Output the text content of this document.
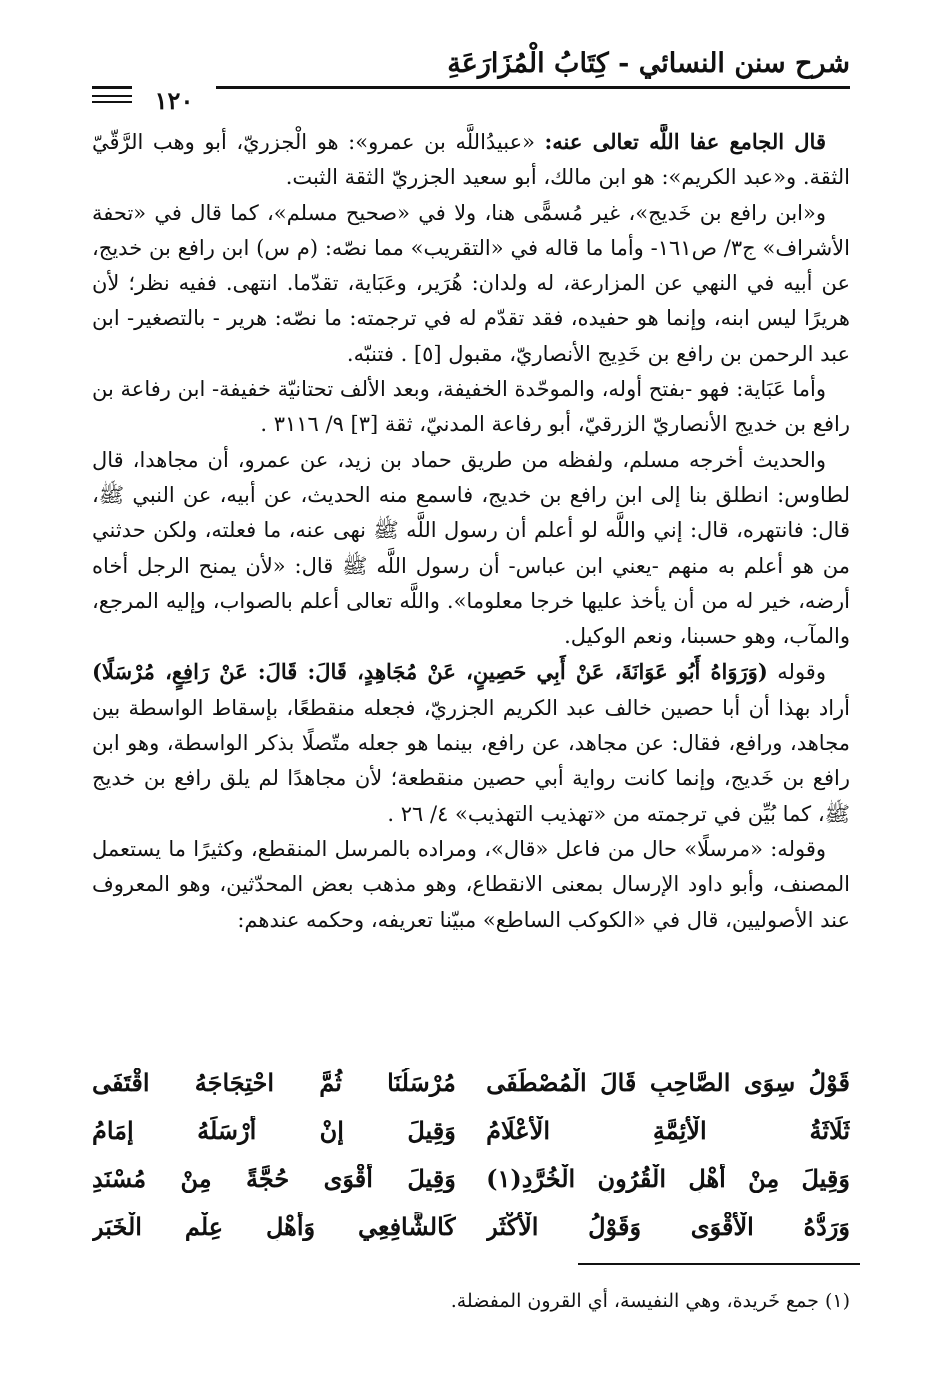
شرح سنن النسائي - كِتَابُ الْمُزَارَعَةِ
١٢٠

قال الجامع عفا اللَّه تعالى عنه: «عبيدُاللَّه بن عمرو»: هو الْجزريّ، أبو وهب الرَّقّيّ الثقة. و«عبد الكريم»: هو ابن مالك، أبو سعيد الجزريّ الثقة الثبت.

و«ابن رافع بن خَديج»، غير مُسمًّى هنا، ولا في «صحيح مسلم»، كما قال في «تحفة الأشراف» ج٣/ ص١٦١- وأما ما قاله في «التقريب» مما نصّه: (م س) ابن رافع بن خديج، عن أبيه في النهي عن المزارعة، له ولدان: هُرَير، وعَبَاية، تقدّما. انتهى. ففيه نظر؛ لأن هريرًا ليس ابنه، وإنما هو حفيده، فقد تقدّم له في ترجمته: ما نصّه: هرير - بالتصغير- ابن عبد الرحمن بن رافع بن خَدِيج الأنصاريّ، مقبول [٥] . فتنبّه.

وأما عَبَاية: فهو -بفتح أوله، والموحّدة الخفيفة، وبعد الألف تحتانيّة خفيفة- ابن رفاعة بن رافع بن خديج الأنصاريّ الزرقيّ، أبو رفاعة المدنيّ، ثقة [٣] ٩/ ٣١١٦ .

والحديث أخرجه مسلم، ولفظه من طريق حماد بن زيد، عن عمرو، أن مجاهدا، قال لطاوس: انطلق بنا إلى ابن رافع بن خديج، فاسمع منه الحديث، عن أبيه، عن النبي ﷺ، قال: فانتهره، قال: إني واللَّه لو أعلم أن رسول اللَّه ﷺ نهى عنه، ما فعلته، ولكن حدثني من هو أعلم به منهم -يعني ابن عباس- أن رسول اللَّه ﷺ قال: «لأن يمنح الرجل أخاه أرضه، خير له من أن يأخذ عليها خرجا معلوما». واللَّه تعالى أعلم بالصواب، وإليه المرجع، والمآب، وهو حسبنا، ونعم الوكيل.

وقوله (وَرَوَاهُ أَبُو عَوَانَةَ، عَنْ أَبِي حَصِينٍ، عَنْ مُجَاهِدٍ، قَالَ: قَالَ: عَنْ رَافِعٍ، مُرْسَلًا) أراد بهذا أن أبا حصين خالف عبد الكريم الجزريّ، فجعله منقطعًا، بإسقاط الواسطة بين مجاهد، ورافع، فقال: عن مجاهد، عن رافع، بينما هو جعله متّصلًا بذكر الواسطة، وهو ابن رافع بن خَديج، وإنما كانت رواية أبي حصين منقطعة؛ لأن مجاهدًا لم يلق رافع بن خديج ﷺ، كما بُيِّن في ترجمته من «تهذيب التهذيب» ٤/ ٢٦ .

وقوله: «مرسلًا» حال من فاعل «قال»، ومراده بالمرسل المنقطع، وكثيرًا ما يستعمل المصنف، وأبو داود الإرسال بمعنى الانقطاع، وهو مذهب بعض المحدّثين، وهو المعروف عند الأصوليين، قال في «الكوكب الساطع» مبيّنا تعريفه، وحكمه عندهم:

قَوْلُ سِوَى الصَّاحِبِ قَالَ الْمُصْطَفَى
مُرْسَلُنَا ثُمَّ احْتِجَاجَهُ اقْتَفَى
ثَلَاثَةُ الْأَئِمَّةِ الْأَعْلَامُ
وَقِيلَ إِنْ أَرْسَلَهُ إِمَامُ
وَقِيلَ مِنْ أَهْلِ الْقُرُونِ الْخُرَّدِ(١)
وَقِيلَ أَقْوَى حُجَّةً مِنْ مُسْنَدِ
وَرَدُّهُ الْأَقْوَى وَقَوْلُ الْأَكْثَرِ
كَالشَّافِعِي وَأَهْلِ عِلْمِ الْخَبَرِ
(١) جمع خَريدة، وهي النفيسة، أي القرون المفضلة.
